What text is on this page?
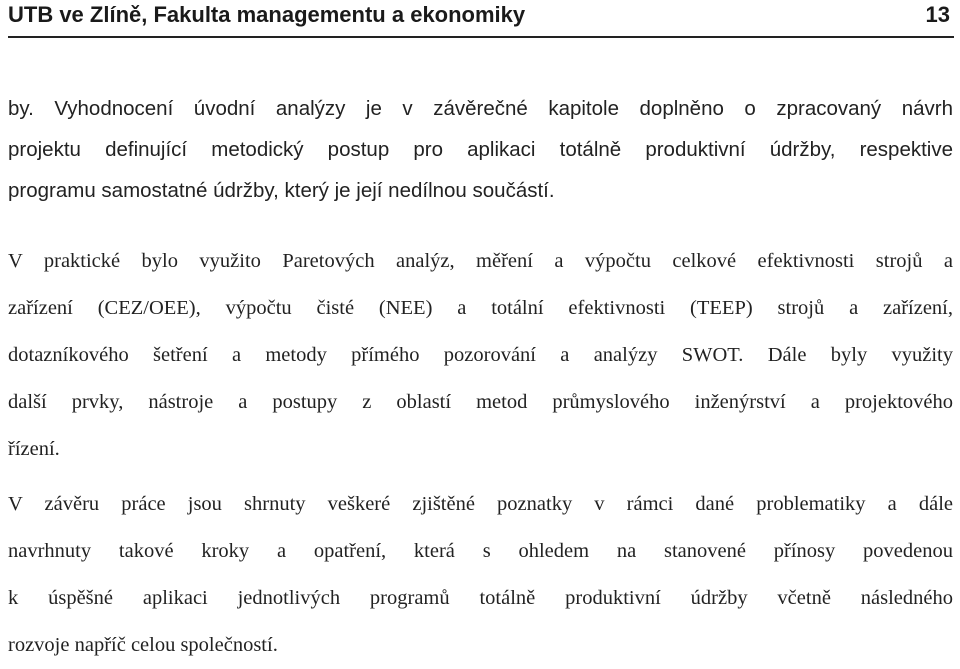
UTB ve Zlíně, Fakulta managementu a ekonomiky	13
by. Vyhodnocení úvodní analýzy je v závěrečné kapitole doplněno o zpracovaný návrh
projektu definující metodický postup pro aplikaci totálně produktivní údržby, respektive
programu samostatné údržby, který je její nedílnou součástí.
V praktické bylo využito Paretových analýz, měření a výpočtu celkové efektivnosti strojů a
zařízení (CEZ/OEE), výpočtu čisté (NEE) a totální efektivnosti (TEEP) strojů a zařízení,
dotazníkového šetření a metody přímého pozorování a analýzy SWOT. Dále byly využity
další prvky, nástroje a postupy z oblastí metod průmyslového inženýrství a projektového
řízení.
V závěru práce jsou shrnuty veškeré zjištěné poznatky v rámci dané problematiky a dále
navrhnuty takové kroky a opatření, která s ohledem na stanovené přínosy povedenou
k úspěšné aplikaci jednotlivých programů totálně produktivní údržby včetně následného
rozvoje napříč celou společností.
